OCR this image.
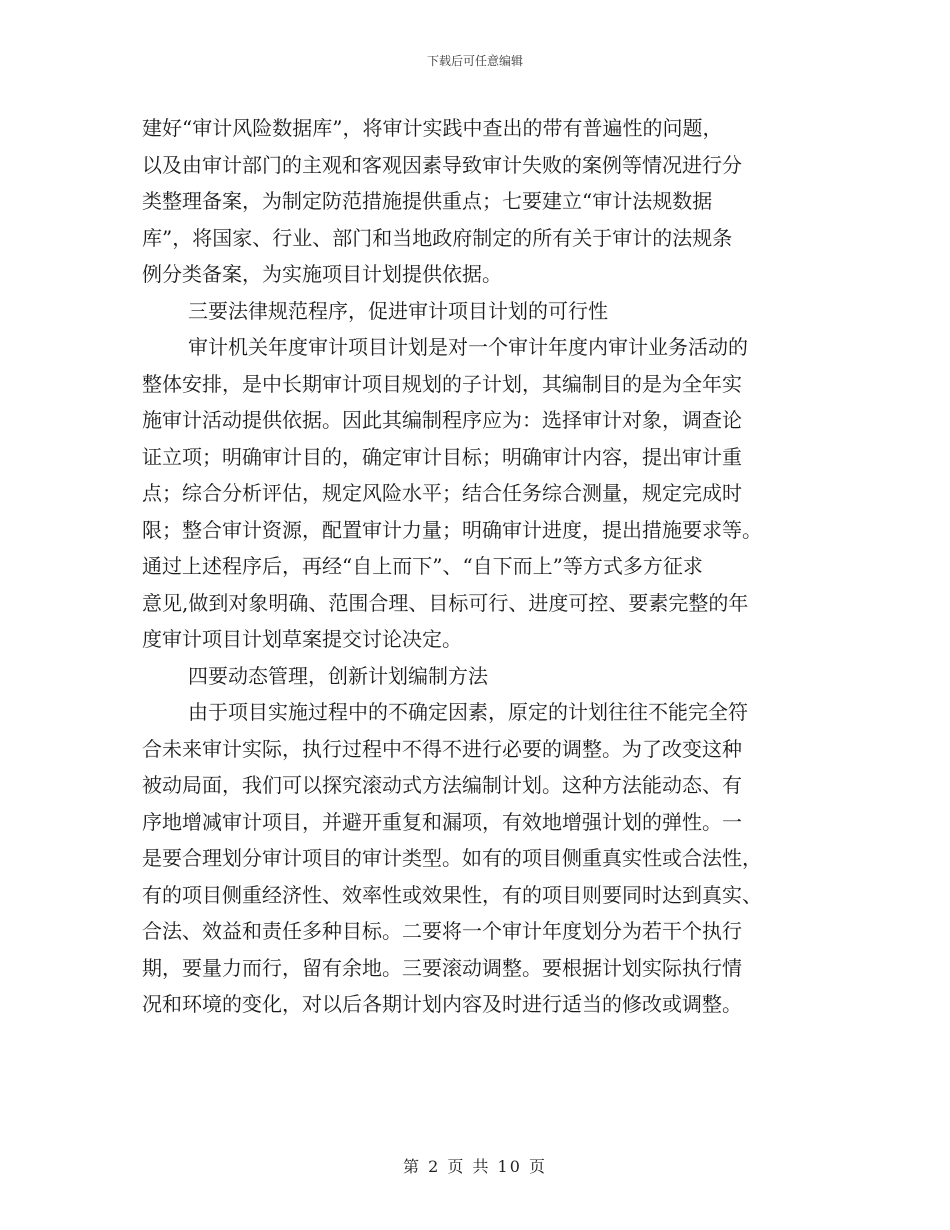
下载后可任意编辑
建好“审计风险数据库”，将审计实践中查出的带有普遍性的问题，
以及由审计部门的主观和客观因素导致审计失败的案例等情况进行分
类整理备案，为制定防范措施提供重点；七要建立“审计法规数据
库”，将国家、行业、部门和当地政府制定的所有关于审计的法规条
例分类备案，为实施项目计划提供依据。
三要法律规范程序，促进审计项目计划的可行性
审计机关年度审计项目计划是对一个审计年度内审计业务活动的
整体安排，是中长期审计项目规划的子计划，其编制目的是为全年实
施审计活动提供依据。因此其编制程序应为：选择审计对象，调查论
证立项；明确审计目的，确定审计目标；明确审计内容，提出审计重
点；综合分析评估，规定风险水平；结合任务综合测量，规定完成时
限；整合审计资源，配置审计力量；明确审计进度，提出措施要求等。
通过上述程序后，再经“自上而下”、“自下而上”等方式多方征求
意见,做到对象明确、范围合理、目标可行、进度可控、要素完整的年
度审计项目计划草案提交讨论决定。
四要动态管理，创新计划编制方法
由于项目实施过程中的不确定因素，原定的计划往往不能完全符
合未来审计实际，执行过程中不得不进行必要的调整。为了改变这种
被动局面，我们可以探究滚动式方法编制计划。这种方法能动态、有
序地增减审计项目，并避开重复和漏项，有效地增强计划的弹性。一
是要合理划分审计项目的审计类型。如有的项目侧重真实性或合法性，
有的项目侧重经济性、效率性或效果性，有的项目则要同时达到真实、
合法、效益和责任多种目标。二要将一个审计年度划分为若干个执行
期，要量力而行，留有余地。三要滚动调整。要根据计划实际执行情
况和环境的变化，对以后各期计划内容及时进行适当的修改或调整。
第 2 页 共 10 页
